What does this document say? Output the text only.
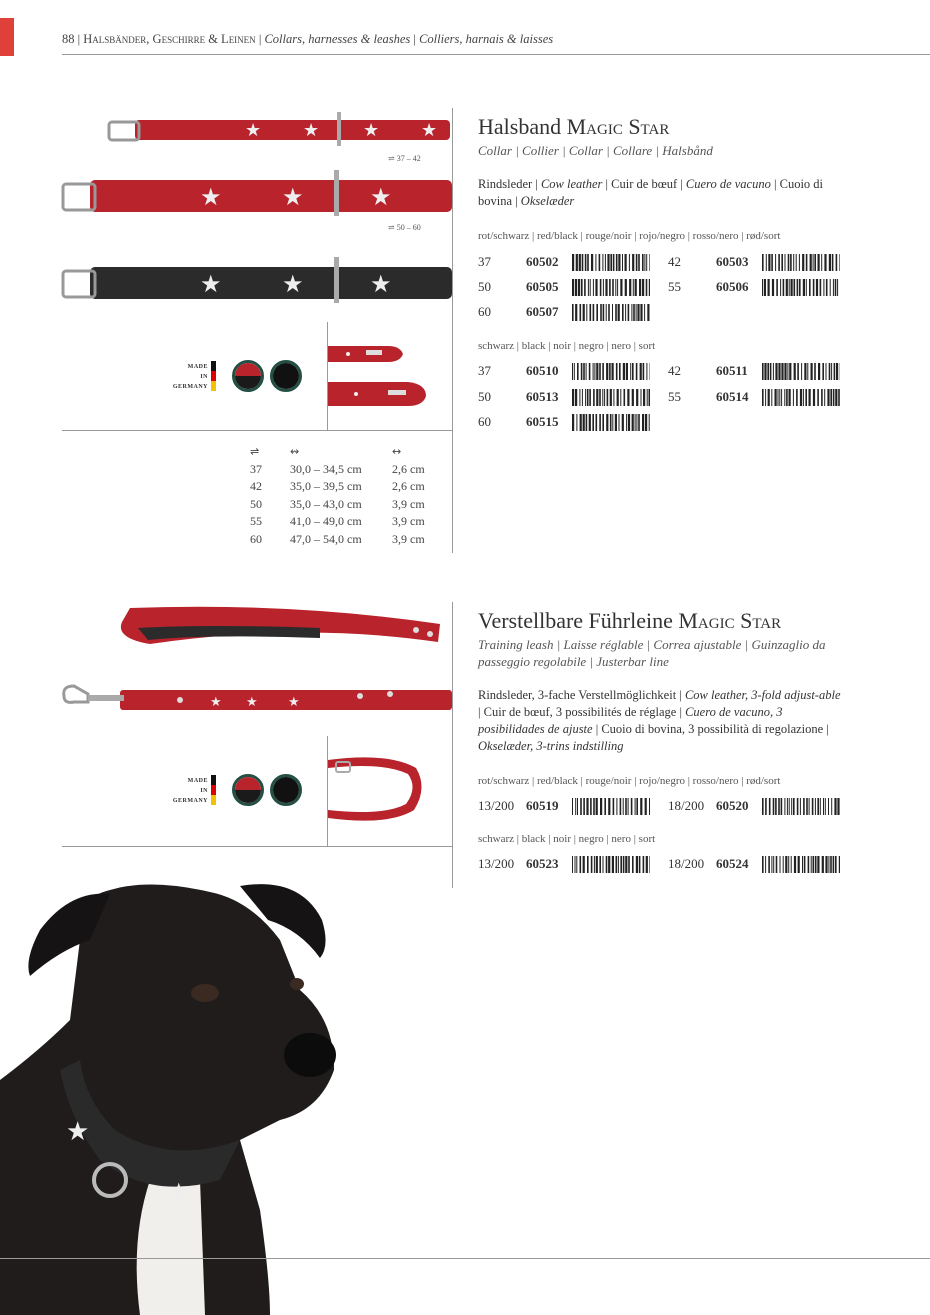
88 | Halsbänder, Geschirre & Leinen | Collars, harnesses & leashes | Colliers, harnais & laisses
★ ★ ★ ★
⇌ 37 – 42
★	★	★
⇌ 50 – 60
★	★	★
MADE
IN
GERMANY
⇌	↭	↔
37	30,0 – 34,5 cm	2,6 cm
42	35,0 – 39,5 cm	2,6 cm
50	35,0 – 43,0 cm	3,9 cm
55	41,0 – 49,0 cm	3,9 cm
60	47,0 – 54,0 cm	3,9 cm
Halsband Magic Star
Collar | Collier | Collar | Collare | Halsbånd
Rindsleder | Cow leather | Cuir de bœuf | Cuero de vacuno | Cuoio di bovina | Okselæder
rot/schwarz | red/black | rouge/noir | rojo/negro | rosso/nero | rød/sort
37	60502	42	60503
50	60505	55	60506
60	60507
schwarz | black | noir | negro | nero | sort
37	60510	42	60511
50	60513	55	60514
60	60515
★ ★ ★
MADE
IN
GERMANY
Verstellbare Führleine Magic Star
Training leash | Laisse réglable | Correa ajustable | Guinzaglio da passeggio regolabile | Justerbar line
Rindsleder, 3-fache Verstellmöglichkeit | Cow leather, 3-fold adjust-able | Cuir de bœuf, 3 possibilités de réglage | Cuero de vacuno, 3 posibilidades de ajuste | Cuoio di bovina, 3 possibilità di regolazione | Okselæder, 3-trins indstilling
rot/schwarz | red/black | rouge/noir | rojo/negro | rosso/nero | rød/sort
13/200 60519	18/200 60520
schwarz | black | noir | negro | nero | sort
13/200 60523	18/200 60524
★
★
